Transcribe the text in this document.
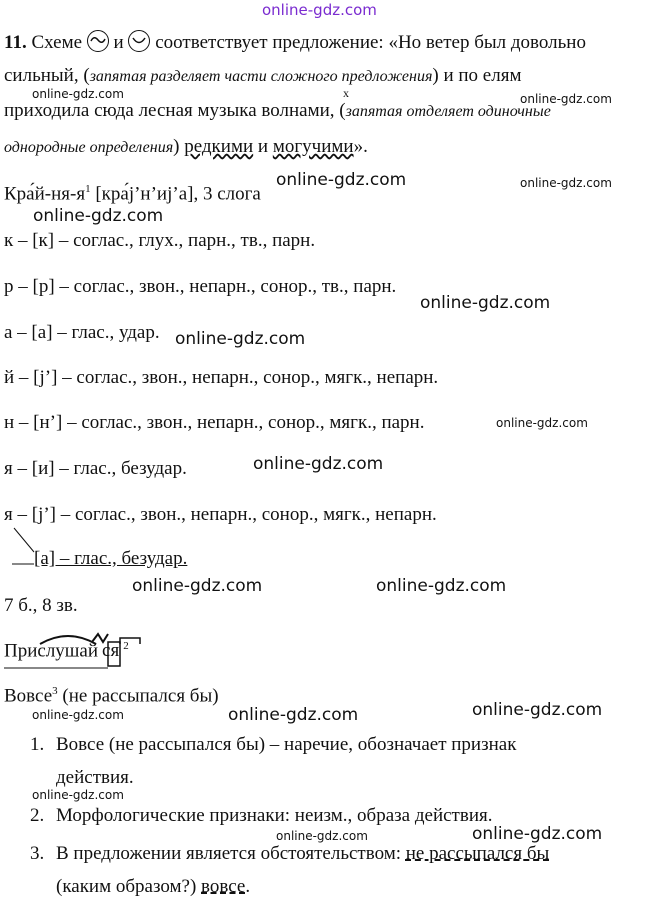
online-gdz.com
11. Схеме и соответствует предложение: «Но ветер был довольно
сильный, (запятая разделяет части сложного предложения) и по елям
online-gdz.com	x	online-gdz.com
приходила сюда лесная музыка волнами, (запятая отделяет одиночные
однородные определения) редкими и могучими».
online-gdz.com	online-gdz.com
$Кра́й-ня-я^1$ [кра́j’н’иj’а], 3 слога
online-gdz.com
к – [к] – соглас., глух., парн., тв., парн.
р – [р] – соглас., звон., непарн., сонор., тв., парн.
online-gdz.com
а – [а] – глас., удар. online-gdz.com
й – [j’] – соглас., звон., непарн., сонор., мягк., непарн.
н – [н’] – соглас., звон., непарн., сонор., мягк., парн.	online-gdz.com
online-gdz.com
я – [и] – глас., безудар.
я – [j’] – соглас., звон., непарн., сонор., мягк., непарн.
[а] – глас., безудар.
online-gdz.com	online-gdz.com
7 б., 8 зв.
Прислушай ся $^2$
Вовсе$^3$ (не рассыпался бы)
online-gdz.com	online-gdz.com	online-gdz.com
1. Вовсе (не рассыпался бы) – наречие, обозначает признак
действия.
online-gdz.com
2. Морфологические признаки: неизм., образа действия.
online-gdz.com	online-gdz.com
3. В предложении является обстоятельством: не рассыпался бы
(каким образом?) вовсе.
